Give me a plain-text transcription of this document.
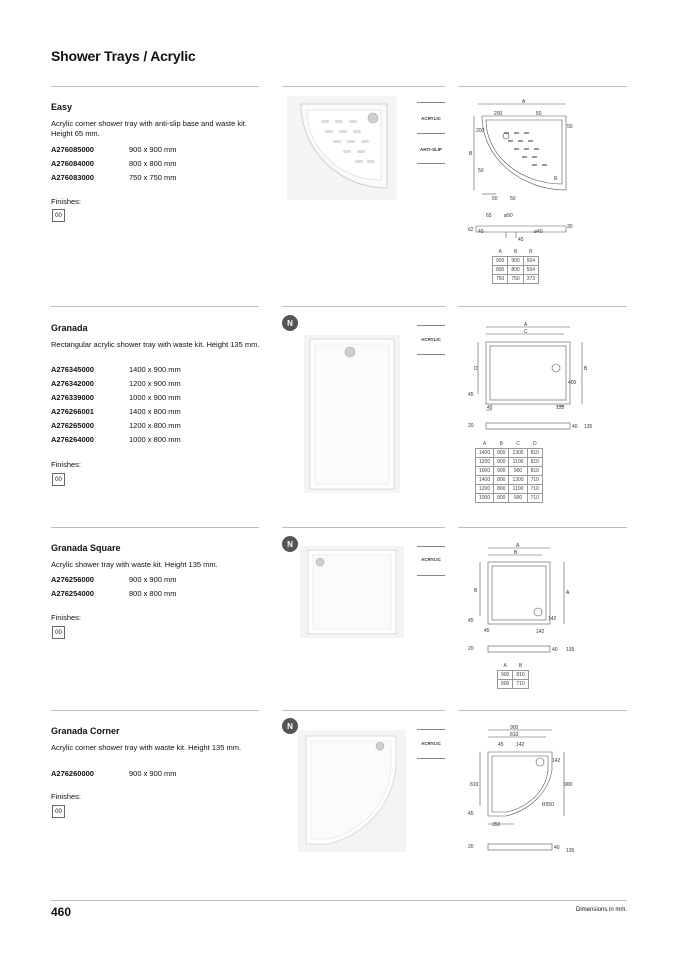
Shower Trays / Acrylic
Easy
Acrylic corner shower tray with anti-slip base and waste kit. Height 65 mm.
A276085000	900 x 900 mm
A276084000	800 x 800 mm
A276083000	750 x 750 mm
Finishes:
00
ACRYLIC
ANTI-SLIP
A
200	50
50
200
B
50
R
50 50
65 ø90
62 40
45
ø40
30
A	B	R
900	900	504
800	800	504
750	750	373
Granada
Rectangular acrylic shower tray with waste kit. Height 135 mm.
A276345000	1400 x 900 mm
A276342000	1200 x 900 mm
A276339000	1000 x 900 mm
A276266001	1400 x 800 mm
A276265000	1200 x 800 mm
A276264000	1000 x 800 mm
Finishes:
00
N
ACRYLIC
A
C
D	B
400
45
45	135
20	40 135
A	B	C	D
1400	900	1300	810
1200	900	1100	810
1000	900	900	810
1400	800	1300	710
1200	800	1100	710
1000	800	900	710
Granada Square
Acrylic shower tray with waste kit. Height 135 mm.
A276256000	900 x 900 mm
A276254000	800 x 800 mm
Finishes:
00
N
ACRYLIC
A
B
B	A
45
45
142
142
20	40 135
A	B
900	810
800	710
Granada Corner
Acrylic corner shower tray with waste kit. Height 135 mm.
A276260000	900 x 900 mm
Finishes:
00
N
ACRYLIC
900
810
45 142
142
810	900
R550
45
350
20	40 135
460	Dimensions in mm.
